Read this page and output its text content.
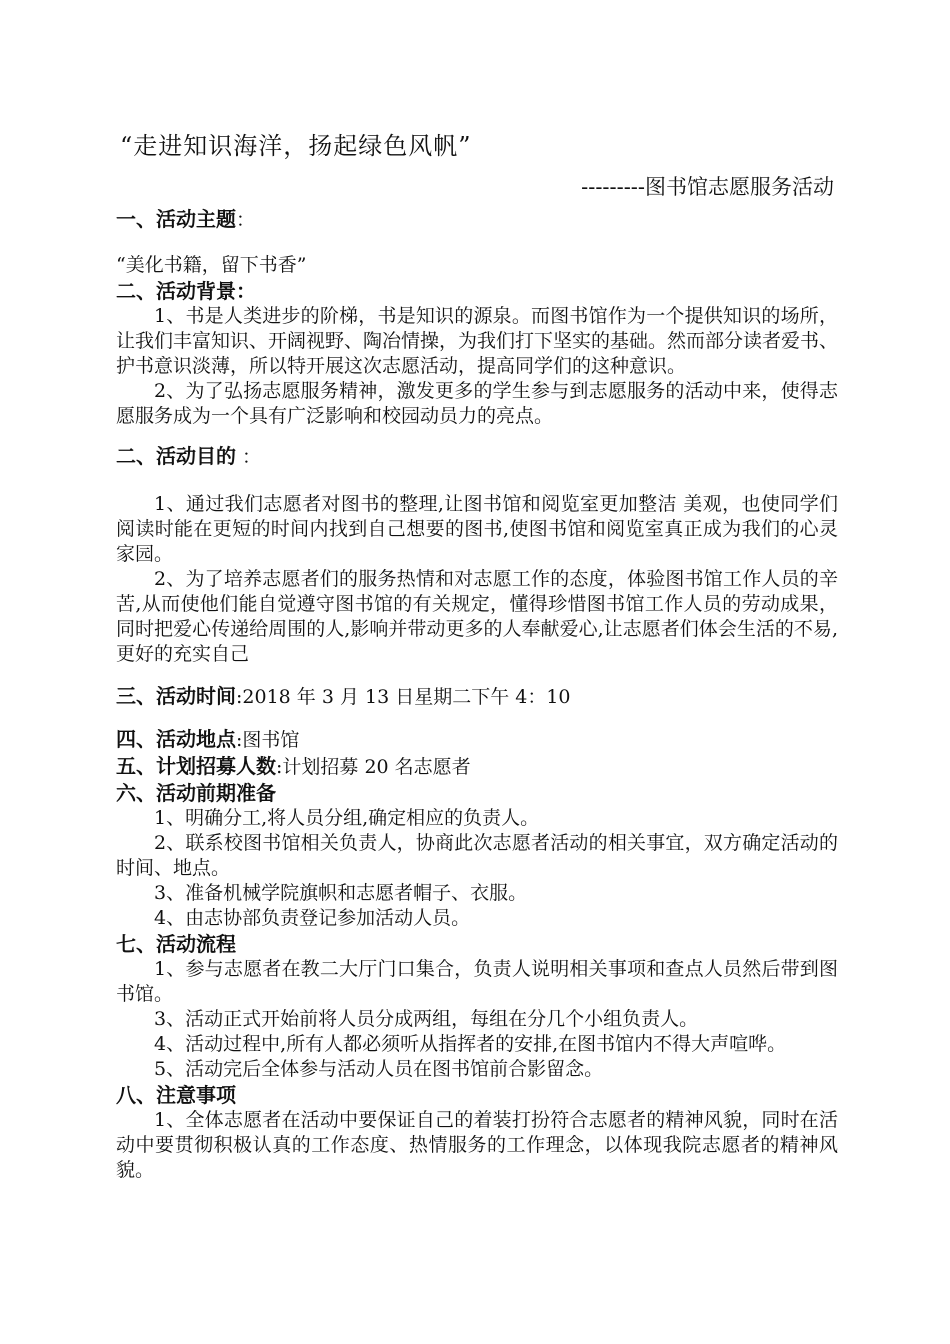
“走进知识海洋，扬起绿色风帆”
---------图书馆志愿服务活动
一、活动主题：
“美化书籍，留下书香”
二、活动背景：
1、书是人类进步的阶梯，书是知识的源泉。而图书馆作为一个提供知识的场所，让我们丰富知识、开阔视野、陶冶情操，为我们打下坚实的基础。然而部分读者爱书、护书意识淡薄，所以特开展这次志愿活动，提高同学们的这种意识。
2、为了弘扬志愿服务精神，激发更多的学生参与到志愿服务的活动中来，使得志愿服务成为一个具有广泛影响和校园动员力的亮点。
二、活动目的 ：
1、通过我们志愿者对图书的整理,让图书馆和阅览室更加整洁 美观，也使同学们阅读时能在更短的时间内找到自己想要的图书,使图书馆和阅览室真正成为我们的心灵家园。
2、为了培养志愿者们的服务热情和对志愿工作的态度，体验图书馆工作人员的辛苦,从而使他们能自觉遵守图书馆的有关规定，懂得珍惜图书馆工作人员的劳动成果，同时把爱心传递给周围的人,影响并带动更多的人奉献爱心,让志愿者们体会生活的不易,更好的充实自己
三、活动时间:2018 年 3 月 13 日星期二下午 4：10
四、活动地点:图书馆
五、计划招募人数:计划招募 20 名志愿者
六、活动前期准备
1、明确分工,将人员分组,确定相应的负责人。
2、联系校图书馆相关负责人，协商此次志愿者活动的相关事宜，双方确定活动的时间、地点。
3、准备机械学院旗帜和志愿者帽子、衣服。
4、由志协部负责登记参加活动人员。
七、活动流程
1、参与志愿者在教二大厅门口集合，负责人说明相关事项和查点人员然后带到图书馆。
3、活动正式开始前将人员分成两组，每组在分几个小组负责人。
4、活动过程中,所有人都必须听从指挥者的安排,在图书馆内不得大声喧哗。
5、活动完后全体参与活动人员在图书馆前合影留念。
八、注意事项
1、全体志愿者在活动中要保证自己的着装打扮符合志愿者的精神风貌，同时在活动中要贯彻积极认真的工作态度、热情服务的工作理念，以体现我院志愿者的精神风貌。
